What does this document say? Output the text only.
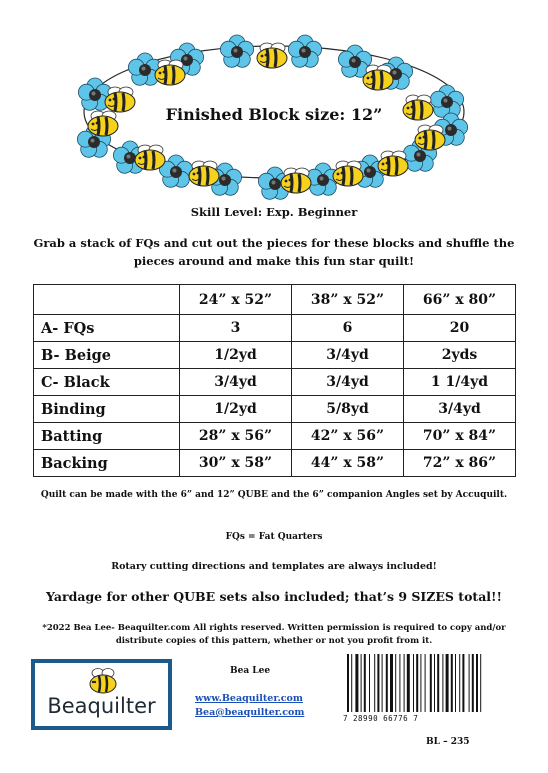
Finished Block size: 12”
Skill Level: Exp. Beginner
Grab a stack of FQs and cut out the pieces for these blocks and shuffle the pieces around and make this fun star quilt!
	24” x 52”	38” x 52”	66” x 80”
A- FQs	3	6	20
B- Beige	1/2yd	3/4yd	2yds
C- Black	3/4yd	3/4yd	1 1/4yd
Binding	1/2yd	5/8yd	3/4yd
Batting	28” x 56”	42” x 56”	70” x 84”
Backing	30” x 58”	44” x 58”	72” x 86”
Quilt can be made with the 6” and 12” QUBE and the 6” companion Angles set by Accuquilt.
FQs = Fat Quarters
Rotary cutting directions and templates are always included!
Yardage for other QUBE sets also included; that’s 9 SIZES total!!
*2022 Bea Lee- Beaquilter.com All rights reserved. Written permission is required to copy and/or distribute copies of this pattern, whether or not you profit from it.
Beaquilter
Bea Lee
www.Beaquilter.com
Bea@beaquilter.com
7 28990 66776 7
BL – 235
